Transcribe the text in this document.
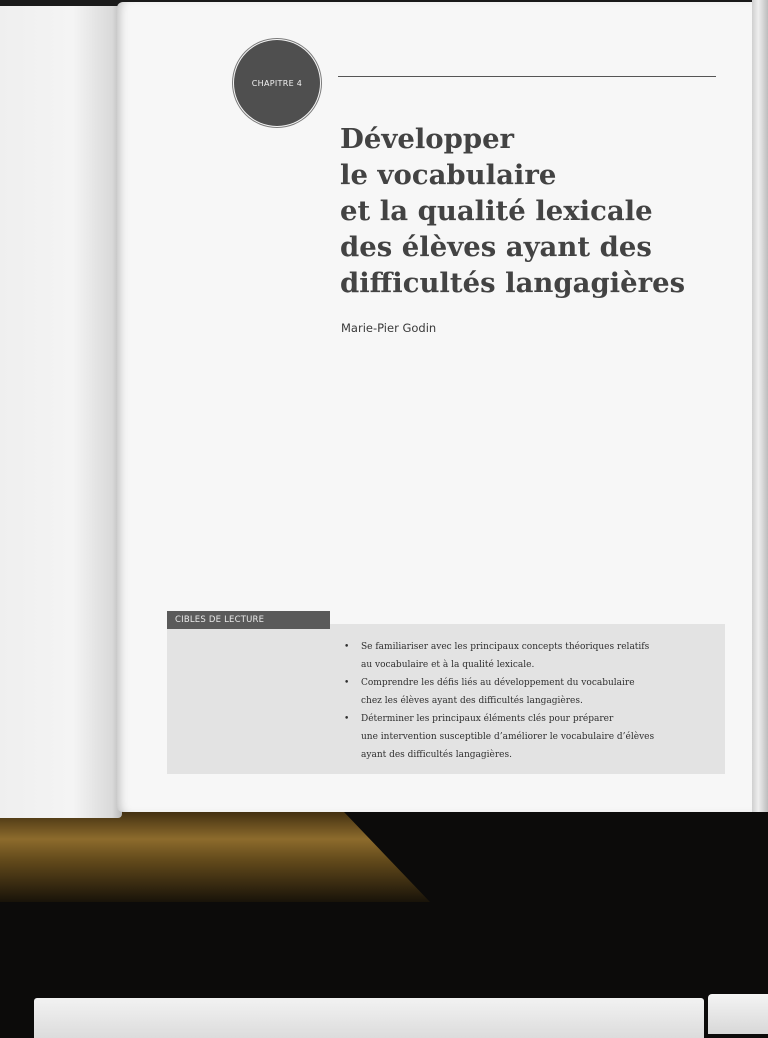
CHAPITRE 4
Développer
le vocabulaire
et la qualité lexicale
des élèves ayant des
difficultés langagières

Marie-Pier Godin

CIBLES DE LECTURE
• Se familiariser avec les principaux concepts théoriques relatifs
au vocabulaire et à la qualité lexicale.
• Comprendre les défis liés au développement du vocabulaire
chez les élèves ayant des difficultés langagières.
• Déterminer les principaux éléments clés pour préparer
une intervention susceptible d’améliorer le vocabulaire d’élèves
ayant des difficultés langagières.
